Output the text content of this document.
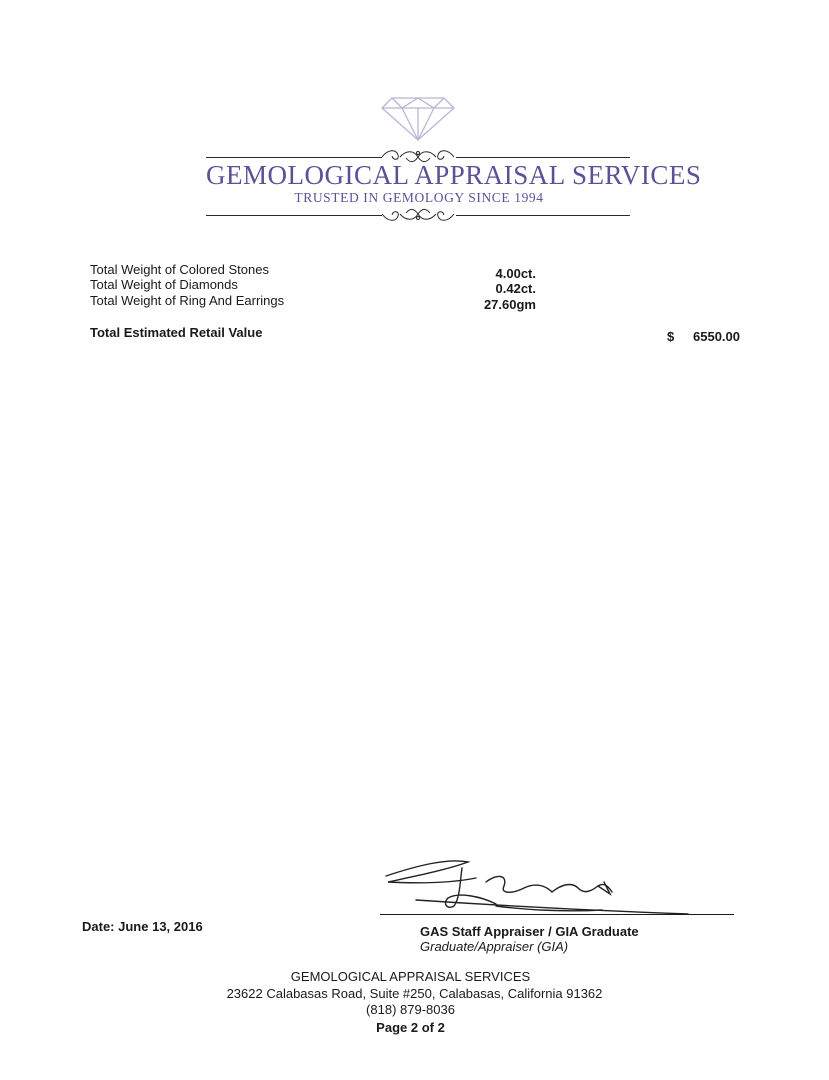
GEMOLOGICAL APPRAISAL SERVICES
TRUSTED IN GEMOLOGY SINCE 1994
Total Weight of Colored Stones	4.00ct.
Total Weight of Diamonds	0.42ct.
Total Weight of Ring And Earrings	27.60gm
Total Estimated Retail Value	$	6550.00
Date: June 13, 2016	GAS Staff Appraiser / GIA Graduate
Graduate/Appraiser (GIA)
GEMOLOGICAL APPRAISAL SERVICES
23622 Calabasas Road, Suite #250, Calabasas, California 91362
(818) 879-8036
Page 2 of 2
